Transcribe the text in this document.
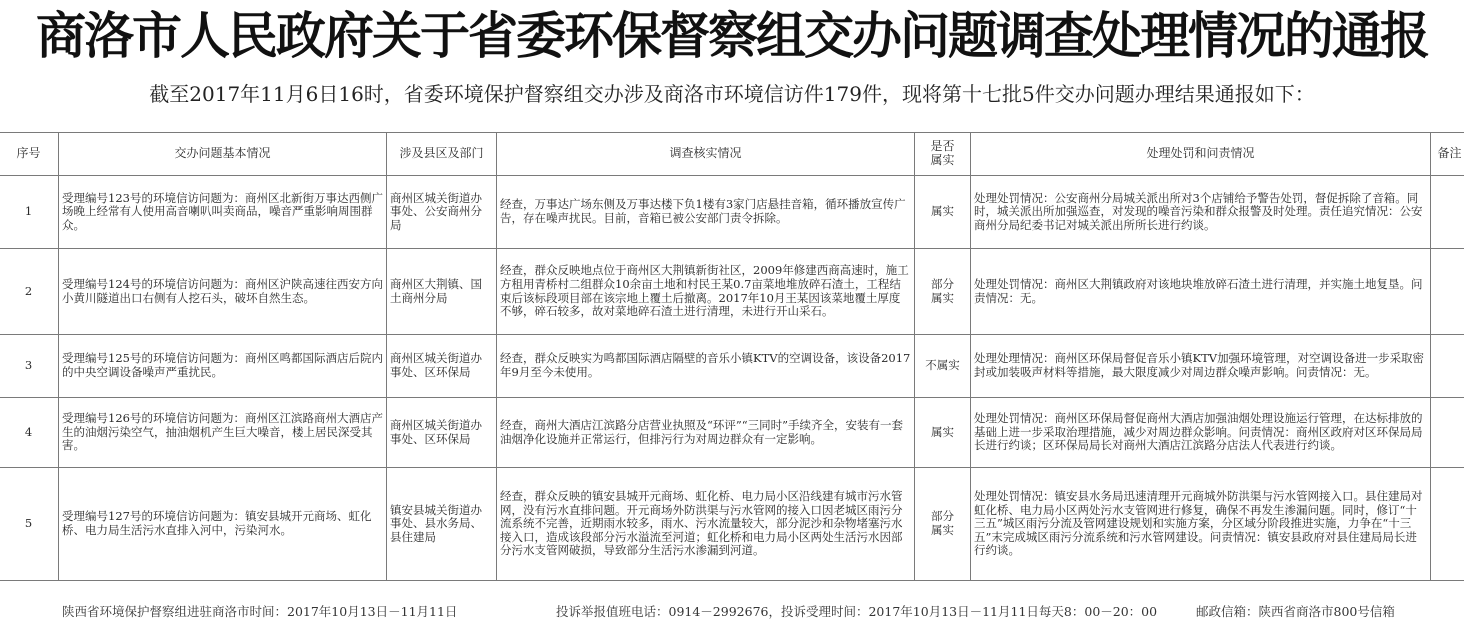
商洛市人民政府关于省委环保督察组交办问题调查处理情况的通报
截至2017年11月6日16时，省委环境保护督察组交办涉及商洛市环境信访件179件，现将第十七批5件交办问题办理结果通报如下：
序号	交办问题基本情况	涉及县区及部门	调查核实情况	是否属实	处理处罚和问责情况	备注
1	受理编号123号的环境信访问题为：商州区北新街万事达西侧广场晚上经常有人使用高音喇叭叫卖商品，噪音严重影响周围群众。	商州区城关街道办事处、公安商州分局	经查，万事达广场东侧及万事达楼下负1楼有3家门店悬挂音箱，循环播放宣传广告，存在噪声扰民。目前，音箱已被公安部门责令拆除。	属实	处理处罚情况：公安商州分局城关派出所对3个店铺给予警告处罚，督促拆除了音箱。同时，城关派出所加强巡查，对发现的噪音污染和群众报警及时处理。责任追究情况：公安商州分局纪委书记对城关派出所所长进行约谈。	
2	受理编号124号的环境信访问题为：商州区沪陕高速往西安方向小黄川隧道出口右侧有人挖石头，破坏自然生态。	商州区大荆镇、国土商州分局	经查，群众反映地点位于商州区大荆镇新街社区，2009年修建西商高速时，施工方租用青桥村二组群众10余亩土地和村民王某0.7亩菜地堆放碎石渣土，工程结束后该标段项目部在该宗地上覆土后撤离。2017年10月王某因该菜地覆土厚度不够，碎石较多，故对菜地碎石渣土进行清理，未进行开山采石。	部分属实	处理处罚情况：商州区大荆镇政府对该地块堆放碎石渣土进行清理，并实施土地复垦。问责情况：无。	
3	受理编号125号的环境信访问题为：商州区鸣都国际酒店后院内的中央空调设备噪声严重扰民。	商州区城关街道办事处、区环保局	经查，群众反映实为鸣都国际酒店隔壁的音乐小镇KTV的空调设备，该设备2017年9月至今未使用。	不属实	处理处理情况：商州区环保局督促音乐小镇KTV加强环境管理，对空调设备进一步采取密封或加装吸声材料等措施，最大限度减少对周边群众噪声影响。问责情况：无。	
4	受理编号126号的环境信访问题为：商州区江滨路商州大酒店产生的油烟污染空气，抽油烟机产生巨大噪音，楼上居民深受其害。	商州区城关街道办事处、区环保局	经查，商州大酒店江滨路分店营业执照及“环评”“三同时”手续齐全，安装有一套油烟净化设施并正常运行，但排污行为对周边群众有一定影响。	属实	处理处罚情况：商州区环保局督促商州大酒店加强油烟处理设施运行管理，在达标排放的基础上进一步采取治理措施，减少对周边群众影响。问责情况：商州区政府对区环保局局长进行约谈；区环保局局长对商州大酒店江滨路分店法人代表进行约谈。	
5	受理编号127号的环境信访问题为：镇安县城开元商场、虹化桥、电力局生活污水直排入河中，污染河水。	镇安县城关街道办事处、县水务局、县住建局	经查，群众反映的镇安县城开元商场、虹化桥、电力局小区沿线建有城市污水管网，没有污水直排问题。开元商场外防洪渠与污水管网的接入口因老城区雨污分流系统不完善，近期雨水较多，雨水、污水流量较大，部分泥沙和杂物堵塞污水接入口，造成该段部分污水溢流至河道；虹化桥和电力局小区两处生活污水因部分污水支管网破损，导致部分生活污水渗漏到河道。	部分属实	处理处罚情况：镇安县水务局迅速清理开元商城外防洪渠与污水管网接入口。县住建局对虹化桥、电力局小区两处污水支管网进行修复，确保不再发生渗漏问题。同时，修订“十三五”城区雨污分流及管网建设规划和实施方案，分区域分阶段推进实施，力争在“十三五”末完成城区雨污分流系统和污水管网建设。问责情况：镇安县政府对县住建局局长进行约谈。	
陕西省环境保护督察组进驻商洛市时间：2017年10月13日－11月11日	投诉举报值班电话：0914－2992676，投诉受理时间：2017年10月13日－11月11日每天8：00－20：00	邮政信箱：陕西省商洛市800号信箱
